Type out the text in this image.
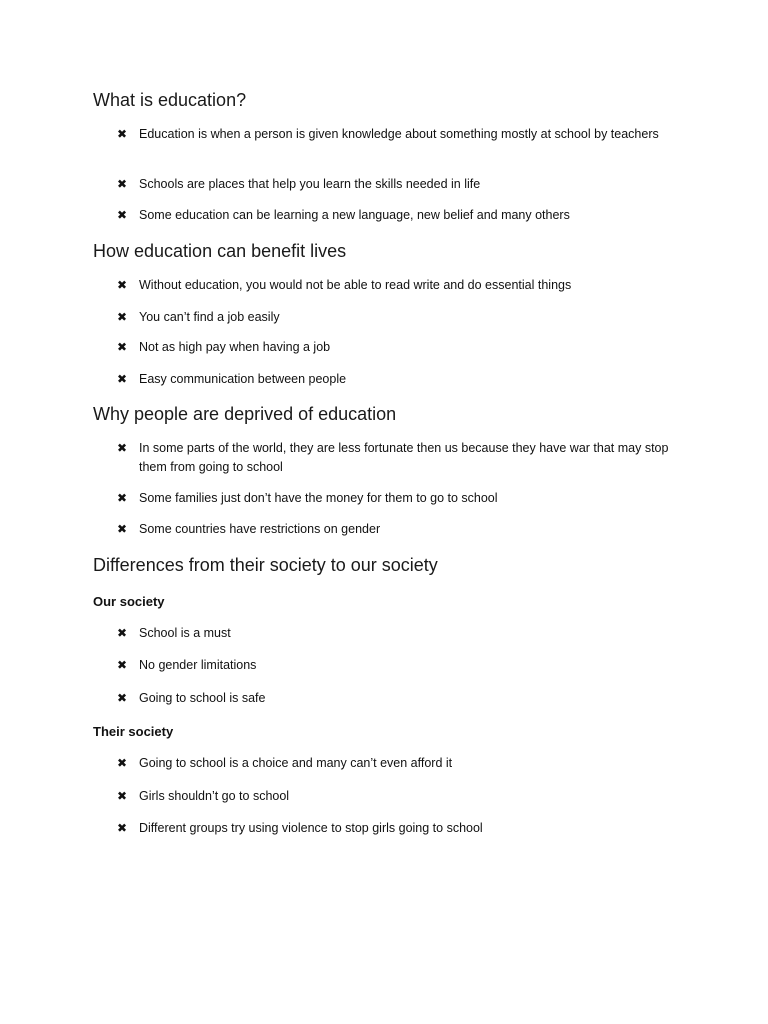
What is education?
✖ Education is when a person is given knowledge about something mostly at school by teachers
✖ Schools are places that help you learn the skills needed in life
✖ Some education can be learning a new language, new belief and many others
How education can benefit lives
✖ Without education, you would not be able to read write and do essential things
✖ You can’t find a job easily
✖ Not as high pay when having a job
✖ Easy communication between people
Why people are deprived of education
✖ In some parts of the world, they are less fortunate then us because they have war that may stop them from going to school
✖ Some families just don’t have the money for them to go to school
✖ Some countries have restrictions on gender
Differences from their society to our society
Our society
✖ School is a must
✖ No gender limitations
✖ Going to school is safe
Their society
✖ Going to school is a choice and many can’t even afford it
✖ Girls shouldn’t go to school
✖ Different groups try using violence to stop girls going to school
